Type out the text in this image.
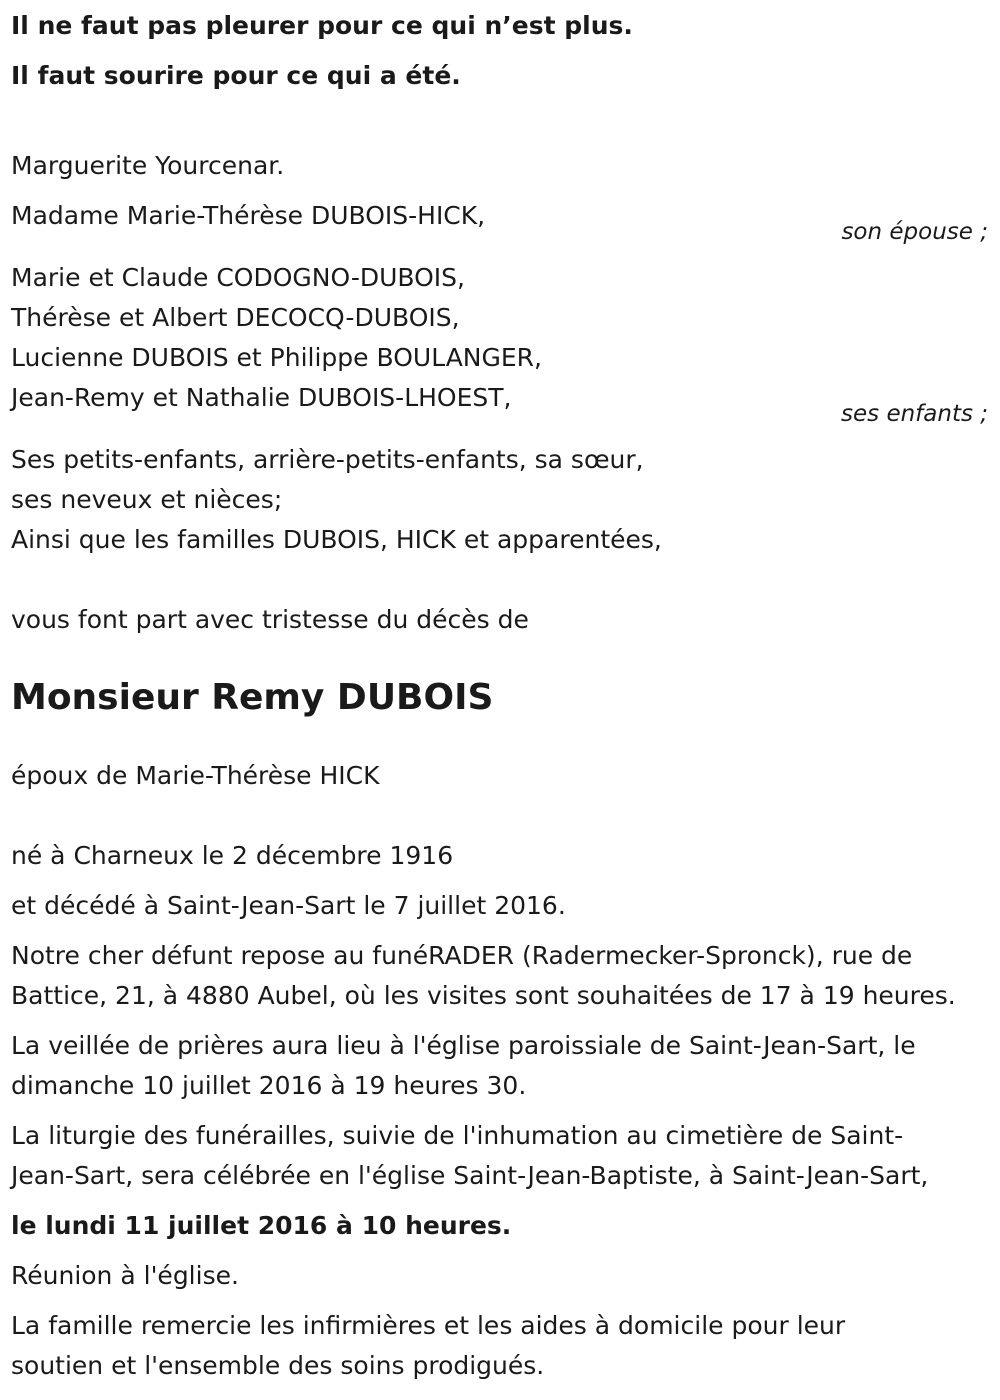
Il ne faut pas pleurer pour ce qui n’est plus.
Il faut sourire pour ce qui a été.
Marguerite Yourcenar.
Madame Marie-Thérèse DUBOIS-HICK,
son épouse ;
Marie et Claude CODOGNO-DUBOIS,
Thérèse et Albert DECOCQ-DUBOIS,
Lucienne DUBOIS et Philippe BOULANGER,
Jean-Remy et Nathalie DUBOIS-LHOEST,
ses enfants ;
Ses petits-enfants, arrière-petits-enfants, sa sœur,
ses neveux et nièces;
Ainsi que les familles DUBOIS, HICK et apparentées,
vous font part avec tristesse du décès de
Monsieur Remy DUBOIS
époux de Marie-Thérèse HICK
né à Charneux le 2 décembre 1916
et décédé à Saint-Jean-Sart le 7 juillet 2016.
Notre cher défunt repose au funéRADER (Radermecker-Spronck), rue de
Battice, 21, à 4880 Aubel, où les visites sont souhaitées de 17 à 19 heures.
La veillée de prières aura lieu à l'église paroissiale de Saint-Jean-Sart, le
dimanche 10 juillet 2016 à 19 heures 30.
La liturgie des funérailles, suivie de l'inhumation au cimetière de Saint-
Jean-Sart, sera célébrée en l'église Saint-Jean-Baptiste, à Saint-Jean-Sart,
le lundi 11 juillet 2016 à 10 heures.
Réunion à l'église.
La famille remercie les infirmières et les aides à domicile pour leur
soutien et l'ensemble des soins prodigués.
